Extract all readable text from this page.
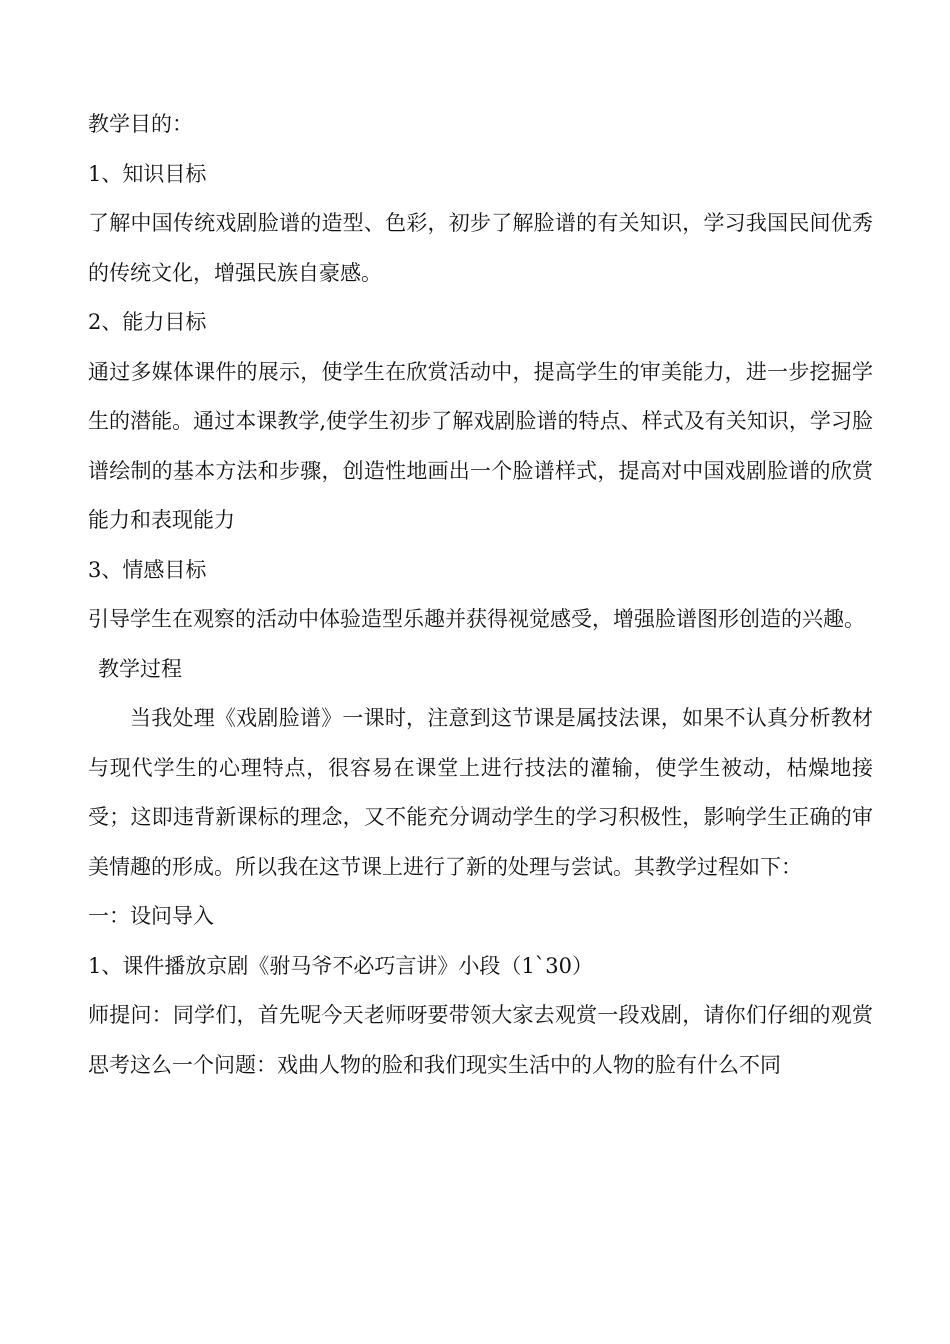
教学目的：

1、知识目标

了解中国传统戏剧脸谱的造型、色彩，初步了解脸谱的有关知识，学习我国民间优秀的传统文化，增强民族自豪感。

2、能力目标

通过多媒体课件的展示，使学生在欣赏活动中，提高学生的审美能力，进一步挖掘学生的潜能。通过本课教学,使学生初步了解戏剧脸谱的特点、样式及有关知识，学习脸谱绘制的基本方法和步骤，创造性地画出一个脸谱样式，提高对中国戏剧脸谱的欣赏能力和表现能力

3、情感目标

引导学生在观察的活动中体验造型乐趣并获得视觉感受，增强脸谱图形创造的兴趣。

教学过程

当我处理《戏剧脸谱》一课时，注意到这节课是属技法课，如果不认真分析教材与现代学生的心理特点，很容易在课堂上进行技法的灌输，使学生被动，枯燥地接受；这即违背新课标的理念，又不能充分调动学生的学习积极性，影响学生正确的审美情趣的形成。所以我在这节课上进行了新的处理与尝试。其教学过程如下：

一：设问导入

1、课件播放京剧《驸马爷不必巧言讲》小段（1`30）

师提问：同学们，首先呢今天老师呀要带领大家去观赏一段戏剧，请你们仔细的观赏思考这么一个问题：戏曲人物的脸和我们现实生活中的人物的脸有什么不同
